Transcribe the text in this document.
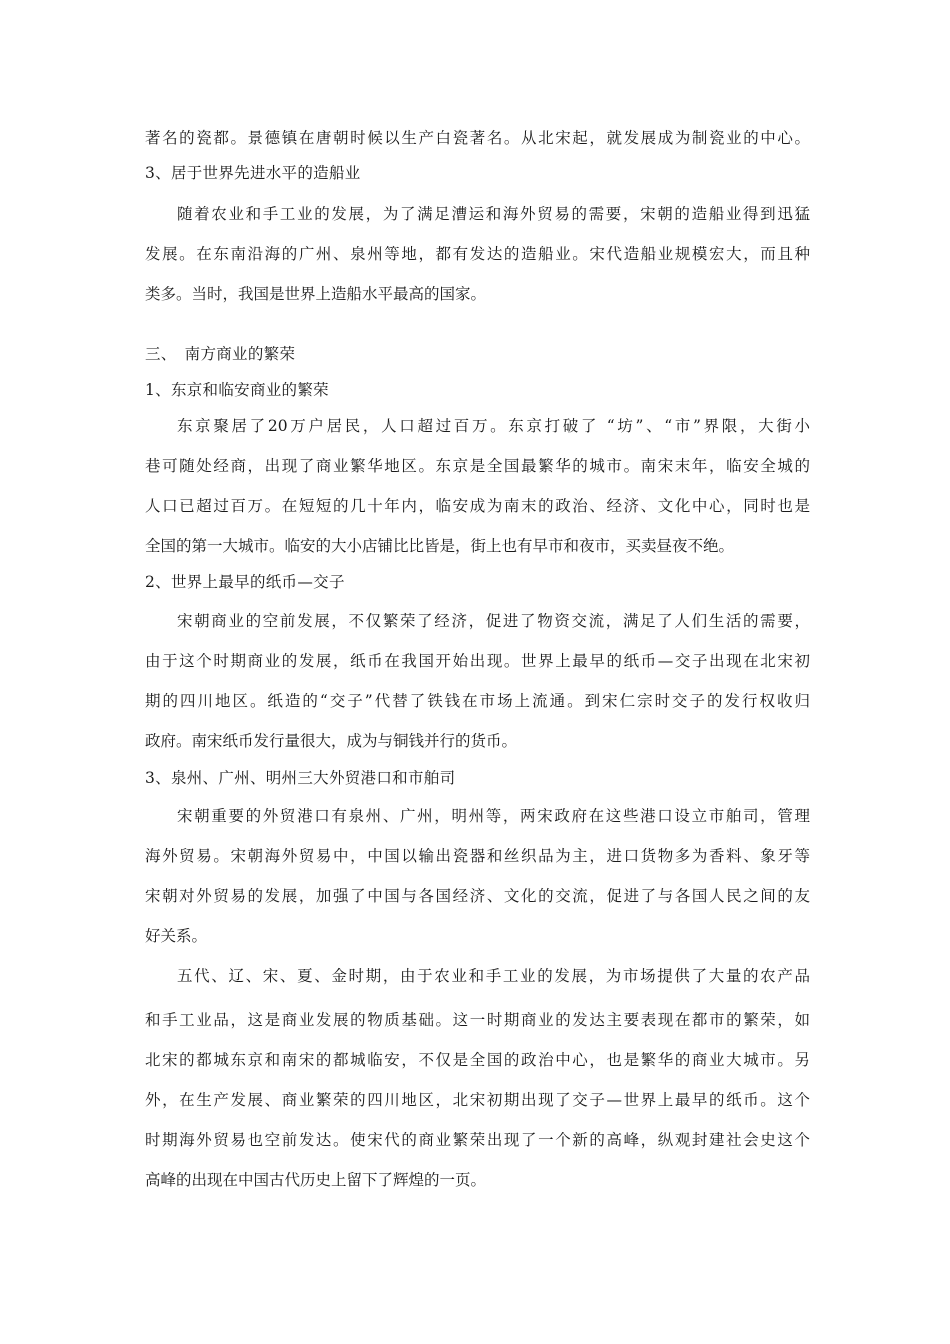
著名的瓷都。景德镇在唐朝时候以生产白瓷著名。从北宋起，就发展成为制瓷业的中心。
3、居于世界先进水平的造船业
随着农业和手工业的发展，为了满足漕运和海外贸易的需要，宋朝的造船业得到迅猛
发展。在东南沿海的广州、泉州等地，都有发达的造船业。宋代造船业规模宏大，而且种
类多。当时，我国是世界上造船水平最高的国家。
三、　南方商业的繁荣
1、东京和临安商业的繁荣
东京聚居了20万户居民，人口超过百万。东京打破了 “坊”、“市”界限，大街小
巷可随处经商，出现了商业繁华地区。东京是全国最繁华的城市。南宋末年，临安全城的
人口已超过百万。在短短的几十年内，临安成为南末的政治、经济、文化中心，同时也是
全国的第一大城市。临安的大小店铺比比皆是，街上也有早市和夜市，买卖昼夜不绝。
2、世界上最早的纸币—交子
宋朝商业的空前发展，不仅繁荣了经济，促进了物资交流，满足了人们生活的需要，
由于这个时期商业的发展，纸币在我国开始出现。世界上最早的纸币—交子出现在北宋初
期的四川地区。纸造的“交子”代替了铁钱在市场上流通。到宋仁宗时交子的发行权收归
政府。南宋纸币发行量很大，成为与铜钱并行的货币。
3、泉州、广州、明州三大外贸港口和市舶司
宋朝重要的外贸港口有泉州、广州，明州等，两宋政府在这些港口设立市舶司，管理
海外贸易。宋朝海外贸易中，中国以输出瓷器和丝织品为主，进口货物多为香料、象牙等
宋朝对外贸易的发展，加强了中国与各国经济、文化的交流，促进了与各国人民之间的友
好关系。
五代、辽、宋、夏、金时期，由于农业和手工业的发展，为市场提供了大量的农产品
和手工业品，这是商业发展的物质基础。这一时期商业的发达主要表现在都市的繁荣，如
北宋的都城东京和南宋的都城临安，不仅是全国的政治中心，也是繁华的商业大城市。另
外，在生产发展、商业繁荣的四川地区，北宋初期出现了交子—世界上最早的纸币。这个
时期海外贸易也空前发达。使宋代的商业繁荣出现了一个新的高峰，纵观封建社会史这个
高峰的出现在中国古代历史上留下了辉煌的一页。
